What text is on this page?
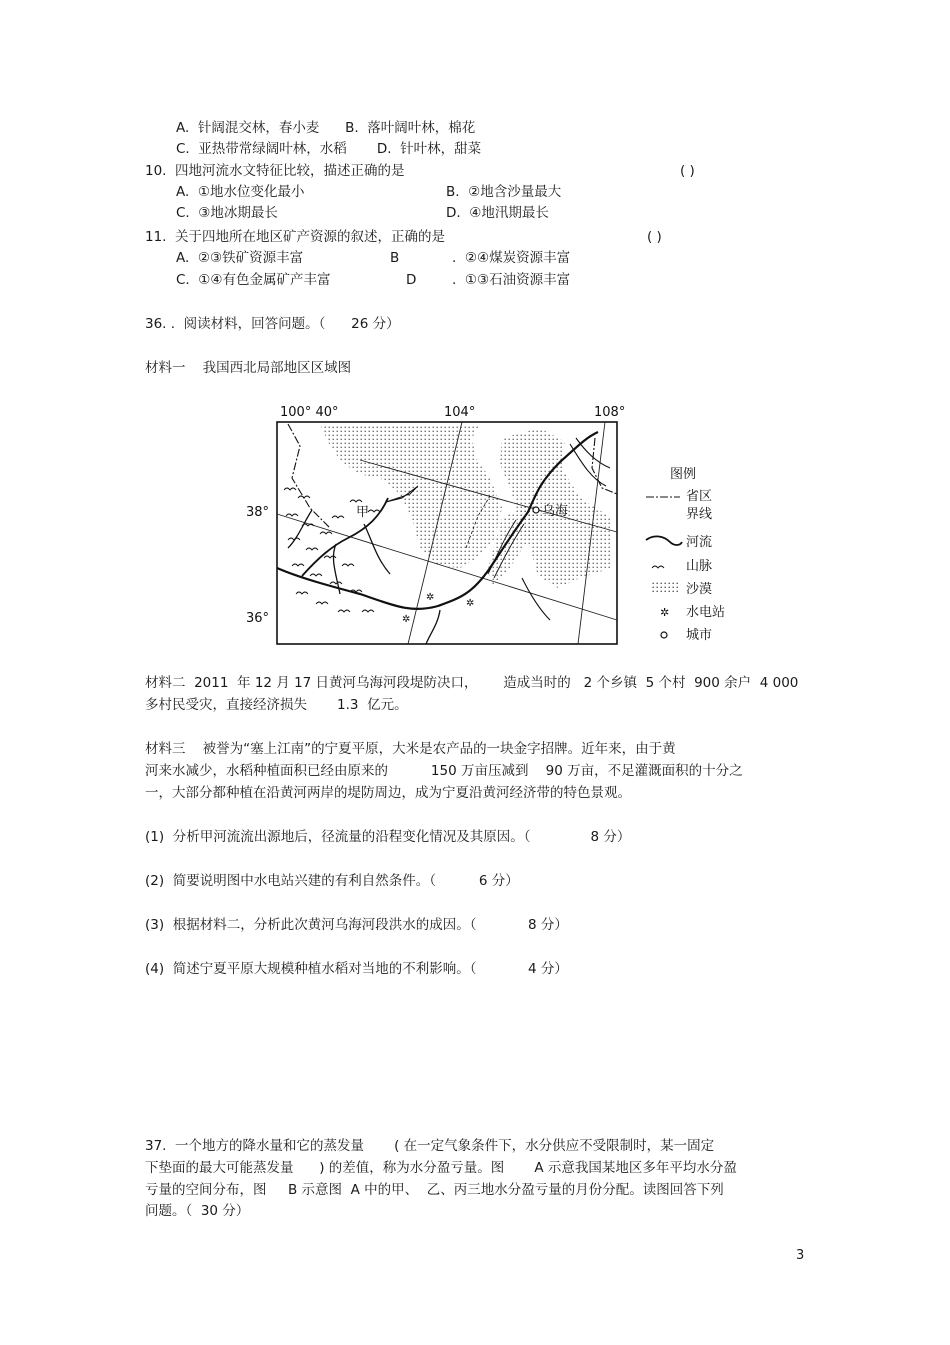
A.  针阔混交林，春小麦      B.  落叶阔叶林，棉花
C.  亚热带常绿阔叶林，水稻       D.  针叶林，甜菜
10.  四地河流水文特征比较，描述正确的是	( )
A.  ①地水位变化最小	B.  ②地含沙量最大
C.  ③地冰期最长	D.  ④地汛期最长
11.  关于四地所在地区矿产资源的叙述，正确的是	( )
A.  ②③铁矿资源丰富	B	.  ②④煤炭资源丰富
C.  ①④有色金属矿产丰富	D	.  ①③石油资源丰富
36. .  阅读材料，回答问题。（      26 分）
材料一    我国西北局部地区区域图
甲	乌海
✲
✲
✲
100° 40°	104°	108°
38°
36°
图例
省区
界线
河流
山脉
沙漠
✲ 水电站
城市
材料二  2011  年 12 月 17 日黄河乌海河段堤防决口，      造成当时的   2 个乡镇  5 个村  900 余户  4 000
多村民受灾，直接经济损失       1.3  亿元。
材料三    被誉为“塞上江南”的宁夏平原，大米是农产品的一块金字招牌。近年来，由于黄
河来水减少，水稻种植面积已经由原来的          150 万亩压减到    90 万亩，不足灌溉面积的十分之
一，大部分都种植在沿黄河两岸的堤防周边，成为宁夏沿黄河经济带的特色景观。
(1)  分析甲河流流出源地后，径流量的沿程变化情况及其原因。（              8 分）
(2)  简要说明图中水电站兴建的有利自然条件。（          6 分）
(3)  根据材料二，分析此次黄河乌海河段洪水的成因。（            8 分）
(4)  简述宁夏平原大规模种植水稻对当地的不利影响。（            4 分）
37.  一个地方的降水量和它的蒸发量       ( 在一定气象条件下，水分供应不受限制时，某一固定
下垫面的最大可能蒸发量      ) 的差值，称为水分盈亏量。图       A 示意我国某地区多年平均水分盈
亏量的空间分布，图     B 示意图  A 中的甲、  乙、丙三地水分盈亏量的月份分配。读图回答下列
问题。（  30 分）
3
